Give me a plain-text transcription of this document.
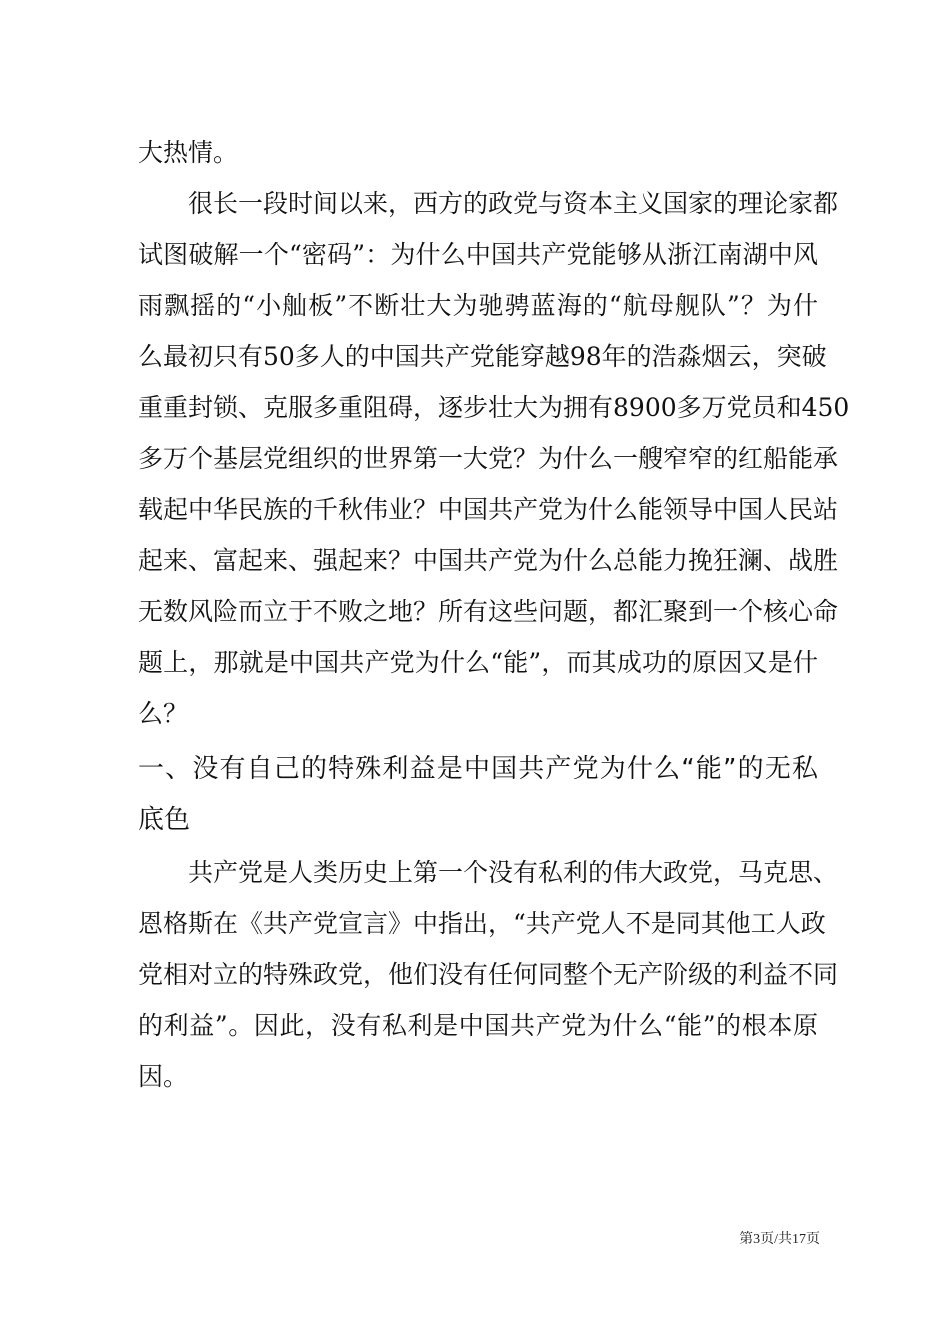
大热情。

很长一段时间以来，西方的政党与资本主义国家的理论家都

试图破解一个“密码”：为什么中国共产党能够从浙江南湖中风

雨飘摇的“小舢板”不断壮大为驰骋蓝海的“航母舰队”？为什

么最初只有50多人的中国共产党能穿越98年的浩淼烟云，突破

重重封锁、克服多重阻碍，逐步壮大为拥有8900多万党员和450

多万个基层党组织的世界第一大党？为什么一艘窄窄的红船能承

载起中华民族的千秋伟业？中国共产党为什么能领导中国人民站

起来、富起来、强起来？中国共产党为什么总能力挽狂澜、战胜

无数风险而立于不败之地？所有这些问题，都汇聚到一个核心命

题上，那就是中国共产党为什么“能”，而其成功的原因又是什

么？

一、没有自己的特殊利益是中国共产党为什么“能”的无私
底色

共产党是人类历史上第一个没有私利的伟大政党，马克思、

恩格斯在《共产党宣言》中指出，“共产党人不是同其他工人政

党相对立的特殊政党，他们没有任何同整个无产阶级的利益不同

的利益”。因此，没有私利是中国共产党为什么“能”的根本原

因。

第3页/共17页
